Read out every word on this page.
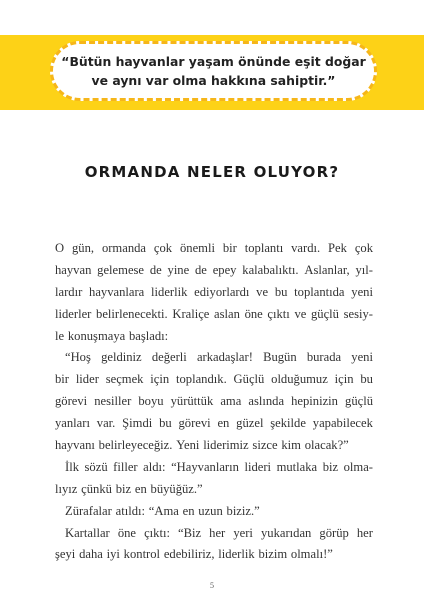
“Bütün hayvanlar yaşam önünde eşit doğar
ve aynı var olma hakkına sahiptir.”
ORMANDA NELER OLUYOR?
O gün, ormanda çok önemli bir toplantı vardı. Pek çok
hayvan gelemese de yine de epey kalabalıktı. Aslanlar, yıl-
lardır hayvanlara liderlik ediyorlardı ve bu toplantıda yeni
liderler belirlenecekti. Kraliçe aslan öne çıktı ve güçlü sesiy-
le konuşmaya başladı:
“Hoş geldiniz değerli arkadaşlar! Bugün burada yeni
bir lider seçmek için toplandık. Güçlü olduğumuz için bu
görevi nesiller boyu yürüttük ama aslında hepinizin güçlü
yanları var. Şimdi bu görevi en güzel şekilde yapabilecek
hayvanı belirleyeceğiz. Yeni liderimiz sizce kim olacak?”
İlk sözü filler aldı: “Hayvanların lideri mutlaka biz olma-
lıyız çünkü biz en büyüğüz.”
Zürafalar atıldı: “Ama en uzun biziz.”
Kartallar öne çıktı: “Biz her yeri yukarıdan görüp her
şeyi daha iyi kontrol edebiliriz, liderlik bizim olmalı!”
5
